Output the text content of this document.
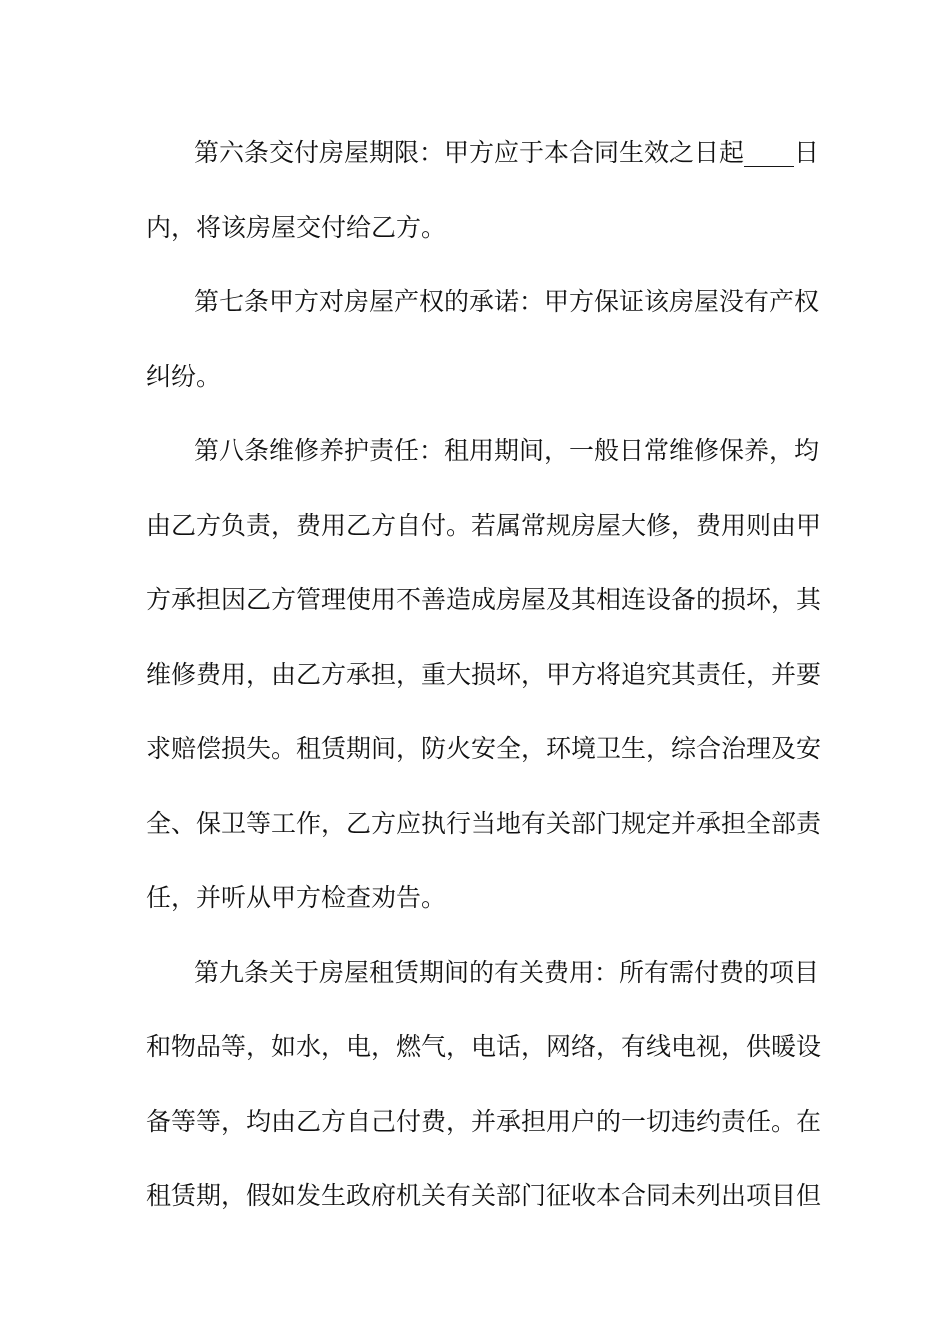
第六条交付房屋期限：甲方应于本合同生效之日起____日
内，将该房屋交付给乙方。
第七条甲方对房屋产权的承诺：甲方保证该房屋没有产权
纠纷。
第八条维修养护责任：租用期间，一般日常维修保养，均
由乙方负责，费用乙方自付。若属常规房屋大修，费用则由甲
方承担因乙方管理使用不善造成房屋及其相连设备的损坏，其
维修费用，由乙方承担，重大损坏，甲方将追究其责任，并要
求赔偿损失。租赁期间，防火安全，环境卫生，综合治理及安
全、保卫等工作，乙方应执行当地有关部门规定并承担全部责
任，并听从甲方检查劝告。
第九条关于房屋租赁期间的有关费用：所有需付费的项目
和物品等，如水，电，燃气，电话，网络，有线电视，供暖设
备等等，均由乙方自己付费，并承担用户的一切违约责任。在
租赁期，假如发生政府机关有关部门征收本合同未列出项目但
